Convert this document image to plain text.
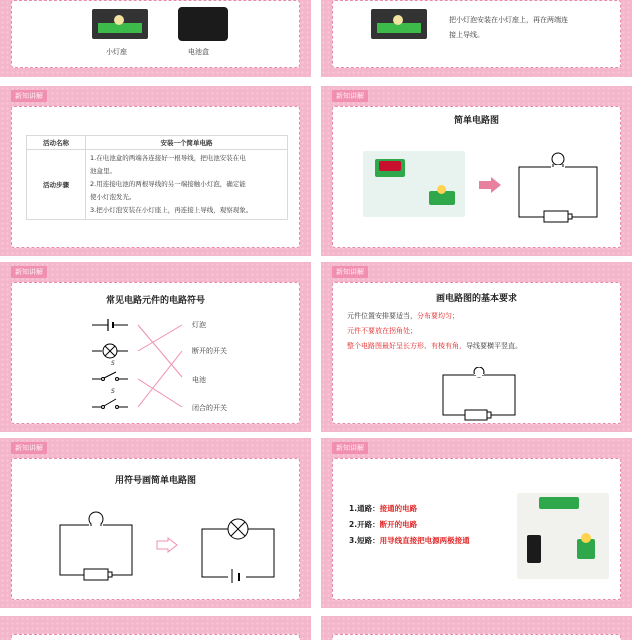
小灯座	电池盒
把小灯泡安装在小灯座上，再在两端连
接上导线。
新知讲解
活动名称	安装一个简单电路
活动步骤	1.在电池盒的两端各连接好一根导线，把电池安装在电
池盒里。
2.用连接电池的两根导线的另一端接触小灯泡，确定能
使小灯泡发光。
3.把小灯泡安装在小灯座上，再连接上导线，观察现象。
新知讲解
简单电路图
新知讲解
常见电路元件的电路符号
S
S
灯泡
断开的开关
电池
闭合的开关
新知讲解
画电路图的基本要求
元件位置安排要适当，分布要均匀；
元件不要放在拐角处；
整个电路图最好呈长方形、有棱有角，导线要横平竖直。
新知讲解
用符号画简单电路图
新知讲解
1.通路：接通的电路
2.开路：断开的电路
3.短路：用导线直接把电源两极接通
